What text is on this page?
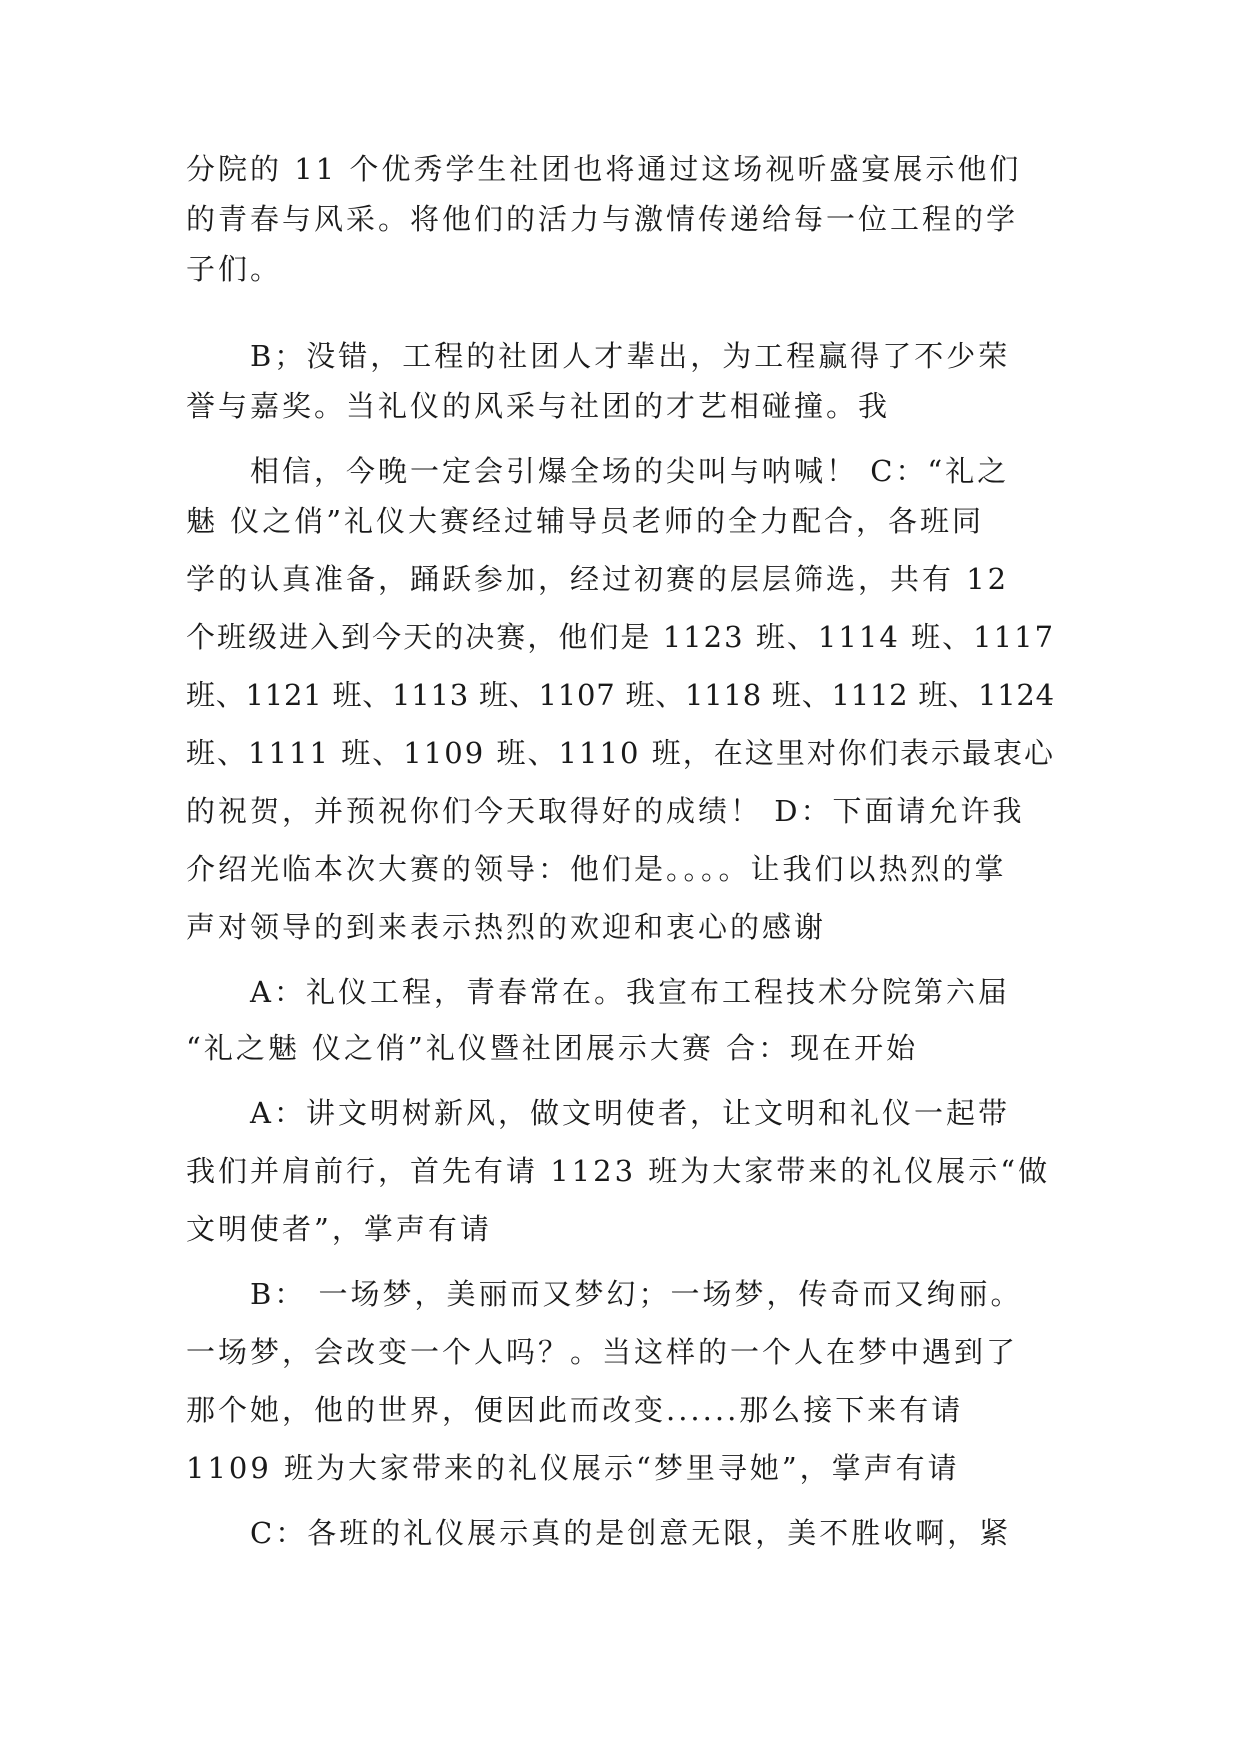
分院的 11 个优秀学生社团也将通过这场视听盛宴展示他们
的青春与风采。将他们的活力与激情传递给每一位工程的学
子们。
B；没错，工程的社团人才辈出，为工程赢得了不少荣
誉与嘉奖。当礼仪的风采与社团的才艺相碰撞。我
相信，今晚一定会引爆全场的尖叫与呐喊！ C：“礼之
魅 仪之俏”礼仪大赛经过辅导员老师的全力配合，各班同
学的认真准备，踊跃参加，经过初赛的层层筛选，共有 12
个班级进入到今天的决赛，他们是 1123 班、1114 班、1117
班、1121 班、1113 班、1107 班、1118 班、1112 班、1124
班、1111 班、1109 班、1110 班，在这里对你们表示最衷心
的祝贺，并预祝你们今天取得好的成绩！ D：下面请允许我
介绍光临本次大赛的领导：他们是。。。。让我们以热烈的掌
声对领导的到来表示热烈的欢迎和衷心的感谢
A：礼仪工程，青春常在。我宣布工程技术分院第六届
“礼之魅 仪之俏”礼仪暨社团展示大赛 合：现在开始
A：讲文明树新风，做文明使者，让文明和礼仪一起带
我们并肩前行，首先有请 1123 班为大家带来的礼仪展示“做
文明使者”，掌声有请
B： 一场梦，美丽而又梦幻；一场梦，传奇而又绚丽。
一场梦，会改变一个人吗？。当这样的一个人在梦中遇到了
那个她，他的世界，便因此而改变......那么接下来有请
1109 班为大家带来的礼仪展示“梦里寻她”，掌声有请
C：各班的礼仪展示真的是创意无限，美不胜收啊，紧
